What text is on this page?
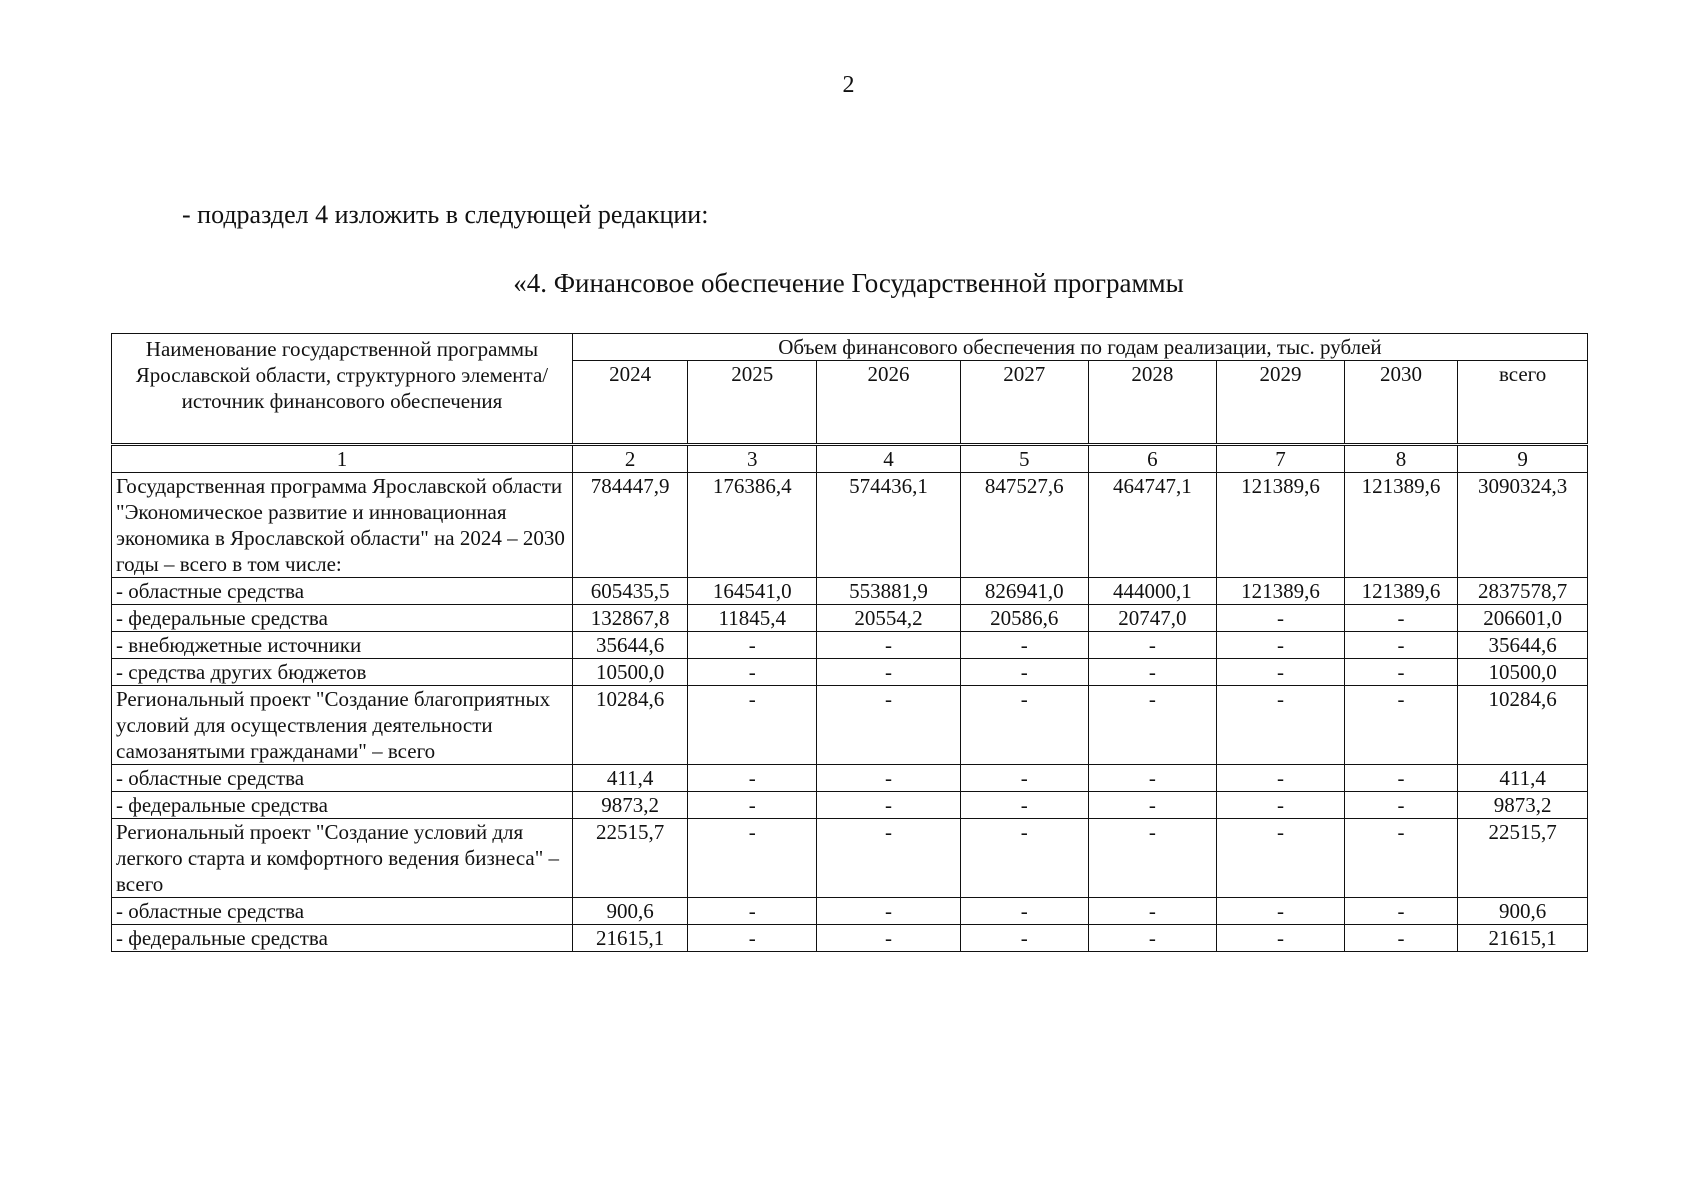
2
- подраздел 4 изложить в следующей редакции:
«4. Финансовое обеспечение Государственной программы
Наименование государственной программы Ярославской области, структурного элемента/ источник финансового обеспечения	Объем финансового обеспечения по годам реализации, тыс. рублей							
	2024	2025	2026	2027	2028	2029	2030	всего
1	2	3	4	5	6	7	8	9
Государственная программа Ярославской области "Экономическое развитие и инновационная экономика в Ярославской области" на 2024 – 2030 годы – всего в том числе:	784447,9	176386,4	574436,1	847527,6	464747,1	121389,6	121389,6	3090324,3
- областные средства	605435,5	164541,0	553881,9	826941,0	444000,1	121389,6	121389,6	2837578,7
- федеральные средства	132867,8	11845,4	20554,2	20586,6	20747,0	-	-	206601,0
- внебюджетные источники	35644,6	-	-	-	-	-	-	35644,6
- средства других бюджетов	10500,0	-	-	-	-	-	-	10500,0
Региональный проект "Создание благоприятных условий для осуществления деятельности самозанятыми гражданами" – всего	10284,6	-	-	-	-	-	-	10284,6
- областные средства	411,4	-	-	-	-	-	-	411,4
- федеральные средства	9873,2	-	-	-	-	-	-	9873,2
Региональный проект "Создание условий для легкого старта и комфортного ведения бизнеса" – всего	22515,7	-	-	-	-	-	-	22515,7
- областные средства	900,6	-	-	-	-	-	-	900,6
- федеральные средства	21615,1	-	-	-	-	-	-	21615,1
